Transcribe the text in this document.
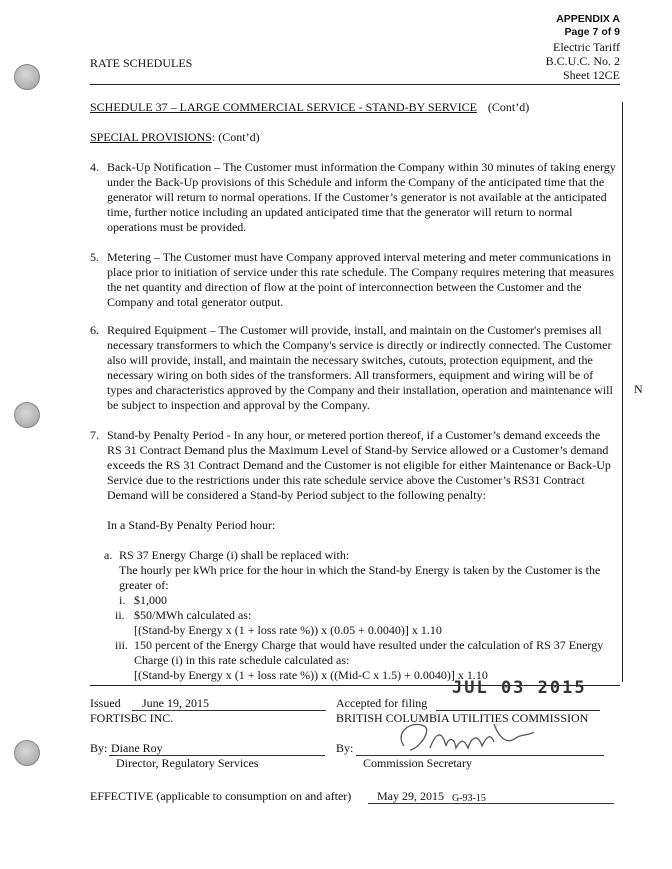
APPENDIX A
Page 7 of 9
Electric Tariff
B.C.U.C. No. 2
Sheet 12CE
RATE SCHEDULES
N
SCHEDULE 37 – LARGE COMMERCIAL SERVICE - STAND-BY SERVICE (Cont’d)
SPECIAL PROVISIONS: (Cont’d)
4. Back-Up Notification – The Customer must information the Company within 30 minutes of taking energy under the Back-Up provisions of this Schedule and inform the Company of the anticipated time that the generator will return to normal operations. If the Customer’s generator is not available at the anticipated time, further notice including an updated anticipated time that the generator will return to normal operations must be provided.
5. Metering – The Customer must have Company approved interval metering and meter communications in place prior to initiation of service under this rate schedule. The Company requires metering that measures the net quantity and direction of flow at the point of interconnection between the Customer and the Company and total generator output.
6. Required Equipment – The Customer will provide, install, and maintain on the Customer's premises all necessary transformers to which the Company's service is directly or indirectly connected. The Customer also will provide, install, and maintain the necessary switches, cutouts, protection equipment, and the necessary wiring on both sides of the transformers. All transformers, equipment and wiring will be of types and characteristics approved by the Company and their installation, operation and maintenance will be subject to inspection and approval by the Company.
7. Stand-by Penalty Period - In any hour, or metered portion thereof, if a Customer’s demand exceeds the RS 31 Contract Demand plus the Maximum Level of Stand-by Service allowed or a Customer’s demand exceeds the RS 31 Contract Demand and the Customer is not eligible for either Maintenance or Back-Up Service due to the restrictions under this rate schedule service above the Customer’s RS31 Contract Demand will be considered a Stand-by Period subject to the following penalty:
In a Stand-By Penalty Period hour:
a. RS 37 Energy Charge (i) shall be replaced with:
The hourly per kWh price for the hour in which the Stand-by Energy is taken by the Customer is the greater of:
i. $1,000
ii. $50/MWh calculated as:
[(Stand-by Energy x (1 + loss rate %)) x (0.05 + 0.0040)] x 1.10
iii. 150 percent of the Energy Charge that would have resulted under the calculation of RS 37 Energy Charge (i) in this rate schedule calculated as:
[(Stand-by Energy x (1 + loss rate %)) x ((Mid-C x 1.5) + 0.0040)] x 1.10
Issued June 19, 2015
FORTISBC INC.
Accepted for filing
JUL 03 2015
BRITISH COLUMBIA UTILITIES COMMISSION
By: Diane Roy
Director, Regulatory Services
By:
Commission Secretary
EFFECTIVE (applicable to consumption on and after) May 29, 2015 G-93-15
